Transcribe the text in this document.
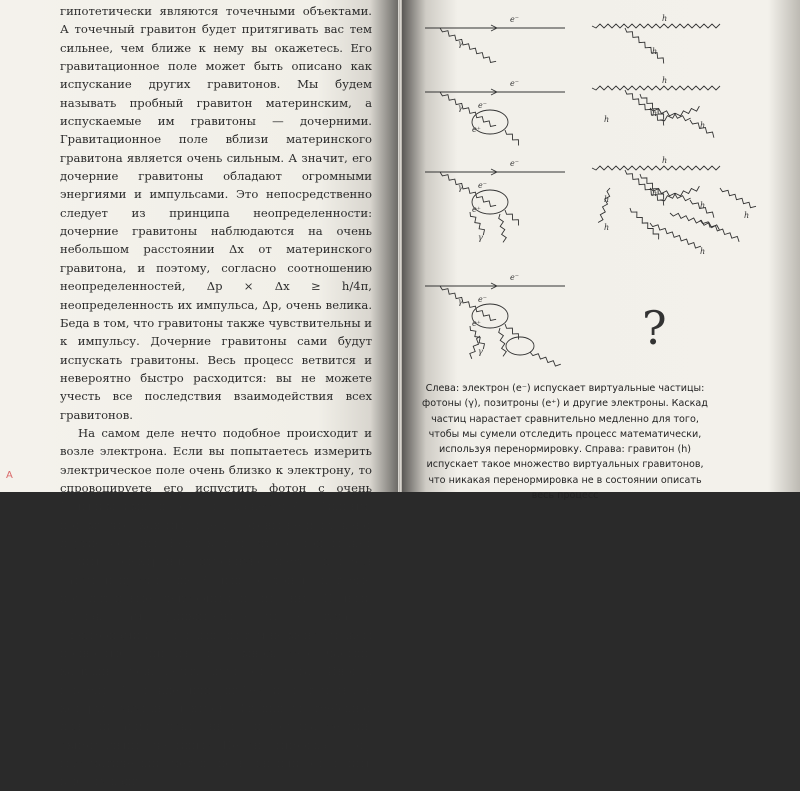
гипотетически являются точечными объектами. А точечный гравитон будет притягивать вас тем сильнее, чем ближе к нему вы окажетесь. Его гравитационное поле может быть описано как испускание других гравитонов. Мы будем называть пробный гравитон материнским, а испускаемые им гравитоны — дочерними. Гравитационное поле вблизи материнского гравитона является очень сильным. А значит, его дочерние гравитоны обладают огромными энергиями и импульсами. Это непосредственно следует из принципа неопределенности: дочерние гравитоны наблюдаются на очень небольшом расстоянии Δx от материнского гравитона, и поэтому, согласно соотношению неопределенностей, Δp × Δx ≥ h/4π, неопределенность их импульса, Δp, очень велика. Беда в том, что гравитоны также чувствительны и к импульсу. Дочерние гравитоны сами будут испускать гравитоны. Весь процесс ветвится и невероятно быстро расходится: вы не можете учесть все последствия взаимодействия всех гравитонов.

На самом деле нечто подобное происходит и возле электрона. Если вы попытаетесь измерить электрическое поле очень близко к электрону, то спровоцируете его испустить фотон с очень большим импульсом. Это кажется безобидным, потому что, как мы знаем, фотоны не испускают другие фотоны. Беда в том, что фотон может родить электрон-позитронную пару, которая затем испустит еще больше фотонов, которые породят новые электроны и позитроны… Полный бардак! Самое удивительное, что в случае с электронами и фотонами мы тем не менее можем полностью описать всё множество частиц, каскадно рождаемых друг от друга. Иногда говорят об одежде, или «шубе», из потомства, в которую укутан электрон. Физики употребляют для описания электронного потомства термин «виртуальные частицы». Перенормировка — это математический метод, позволяющий отследить всю эту кашу.

A
e⁻
γ
e⁻
γ
e⁺
e⁻
e⁻
γ
e⁺
e⁻
γ
e⁻
γ
e⁺
e⁻
γ
h
h
h
h
h
h
h
h
h
h
h
h
h
?
Слева: электрон (e⁻) испускает виртуальные частицы: фотоны (γ), позитроны (e⁺) и другие электроны. Каскад частиц нарастает сравнительно медленно для того, чтобы мы сумели отследить процесс математически, используя перенормировку. Справа: гравитон (h) испускает такое множество виртуальных гравитонов, что никакая перенормировка не в состоянии описать весь процесс
